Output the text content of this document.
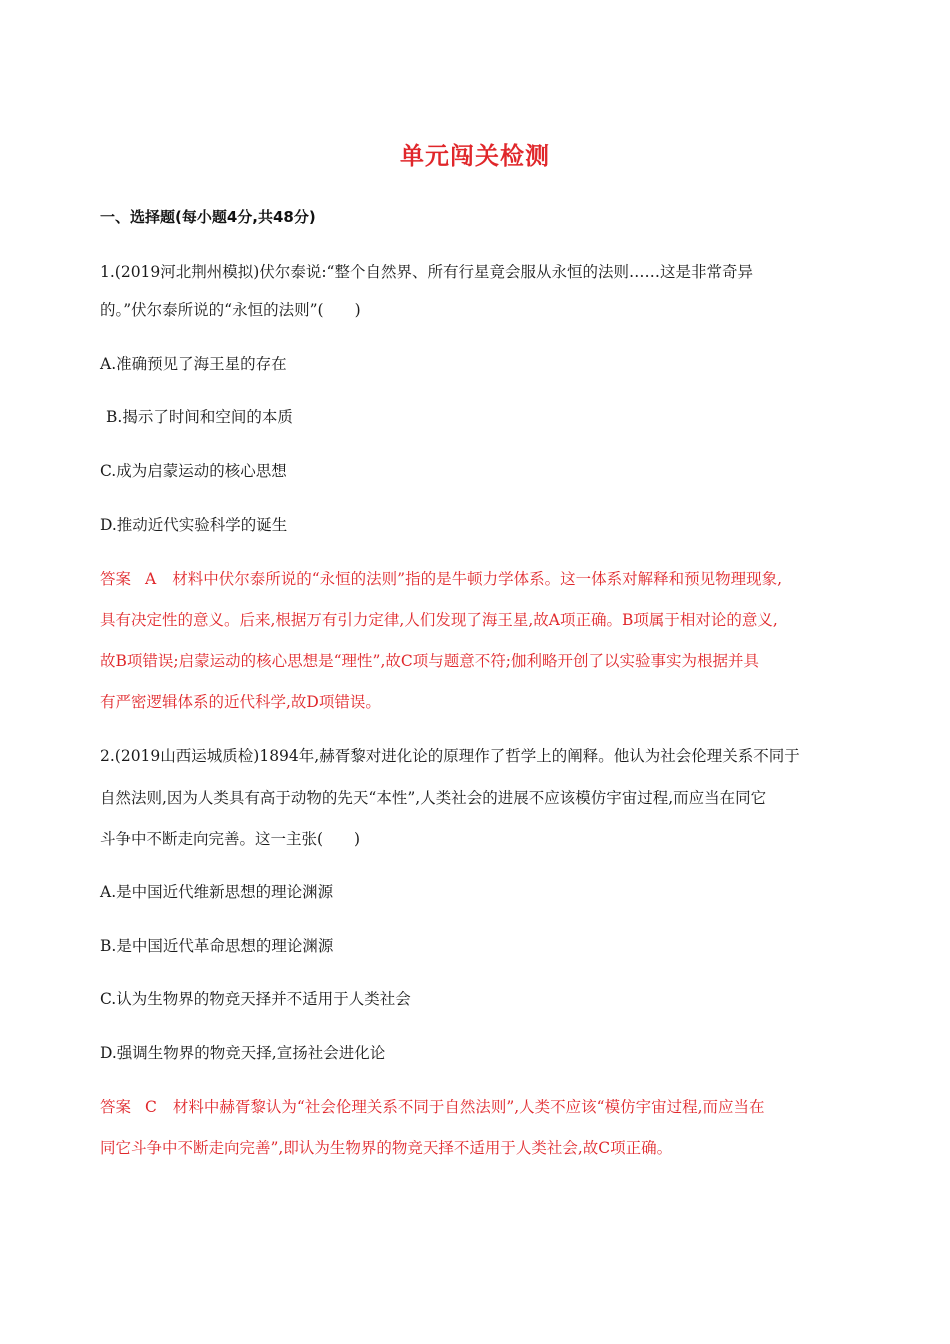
单元闯关检测
一、选择题(每小题4分,共48分)
1.(2019河北荆州模拟)伏尔泰说:“整个自然界、所有行星竟会服从永恒的法则……这是非常奇异
的。”伏尔泰所说的“永恒的法则”(　　)
A.准确预见了海王星的存在
B.揭示了时间和空间的本质
C.成为启蒙运动的核心思想
D.推动近代实验科学的诞生
答案 A 材料中伏尔泰所说的“永恒的法则”指的是牛顿力学体系。这一体系对解释和预见物理现象,
具有决定性的意义。后来,根据万有引力定律,人们发现了海王星,故A项正确。B项属于相对论的意义,
故B项错误;启蒙运动的核心思想是“理性”,故C项与题意不符;伽利略开创了以实验事实为根据并具
有严密逻辑体系的近代科学,故D项错误。
2.(2019山西运城质检)1894年,赫胥黎对进化论的原理作了哲学上的阐释。他认为社会伦理关系不同于
自然法则,因为人类具有高于动物的先天“本性”,人类社会的进展不应该模仿宇宙过程,而应当在同它
斗争中不断走向完善。这一主张(　　)
A.是中国近代维新思想的理论渊源
B.是中国近代革命思想的理论渊源
C.认为生物界的物竞天择并不适用于人类社会
D.强调生物界的物竞天择,宣扬社会进化论
答案 C 材料中赫胥黎认为“社会伦理关系不同于自然法则”,人类不应该“模仿宇宙过程,而应当在
同它斗争中不断走向完善”,即认为生物界的物竞天择不适用于人类社会,故C项正确。
